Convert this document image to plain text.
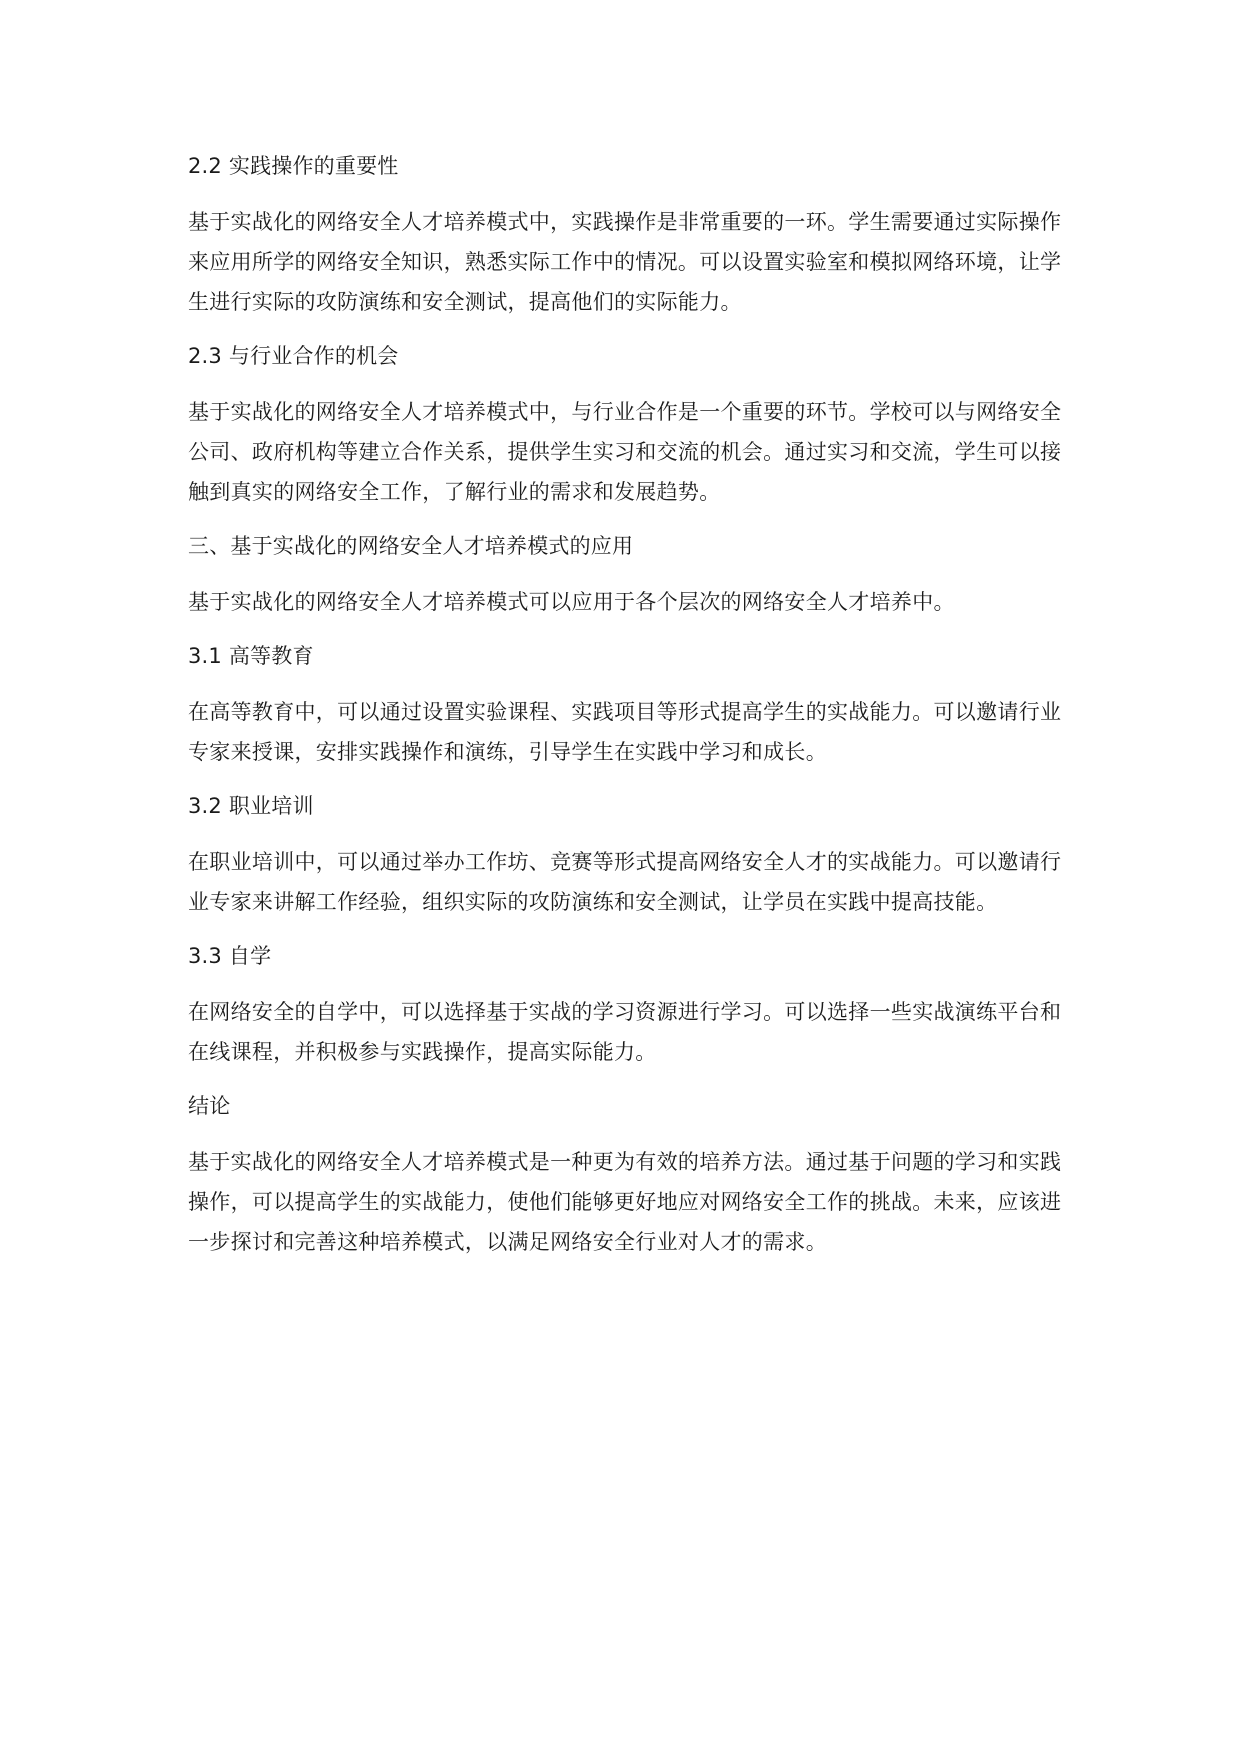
2.2 实践操作的重要性
基于实战化的网络安全人才培养模式中，实践操作是非常重要的一环。学生需要通过实际操作来应用所学的网络安全知识，熟悉实际工作中的情况。可以设置实验室和模拟网络环境，让学生进行实际的攻防演练和安全测试，提高他们的实际能力。
2.3 与行业合作的机会
基于实战化的网络安全人才培养模式中，与行业合作是一个重要的环节。学校可以与网络安全公司、政府机构等建立合作关系，提供学生实习和交流的机会。通过实习和交流，学生可以接触到真实的网络安全工作，了解行业的需求和发展趋势。
三、基于实战化的网络安全人才培养模式的应用
基于实战化的网络安全人才培养模式可以应用于各个层次的网络安全人才培养中。
3.1 高等教育
在高等教育中，可以通过设置实验课程、实践项目等形式提高学生的实战能力。可以邀请行业专家来授课，安排实践操作和演练，引导学生在实践中学习和成长。
3.2 职业培训
在职业培训中，可以通过举办工作坊、竞赛等形式提高网络安全人才的实战能力。可以邀请行业专家来讲解工作经验，组织实际的攻防演练和安全测试，让学员在实践中提高技能。
3.3 自学
在网络安全的自学中，可以选择基于实战的学习资源进行学习。可以选择一些实战演练平台和在线课程，并积极参与实践操作，提高实际能力。
结论
基于实战化的网络安全人才培养模式是一种更为有效的培养方法。通过基于问题的学习和实践操作，可以提高学生的实战能力，使他们能够更好地应对网络安全工作的挑战。未来，应该进一步探讨和完善这种培养模式，以满足网络安全行业对人才的需求。
